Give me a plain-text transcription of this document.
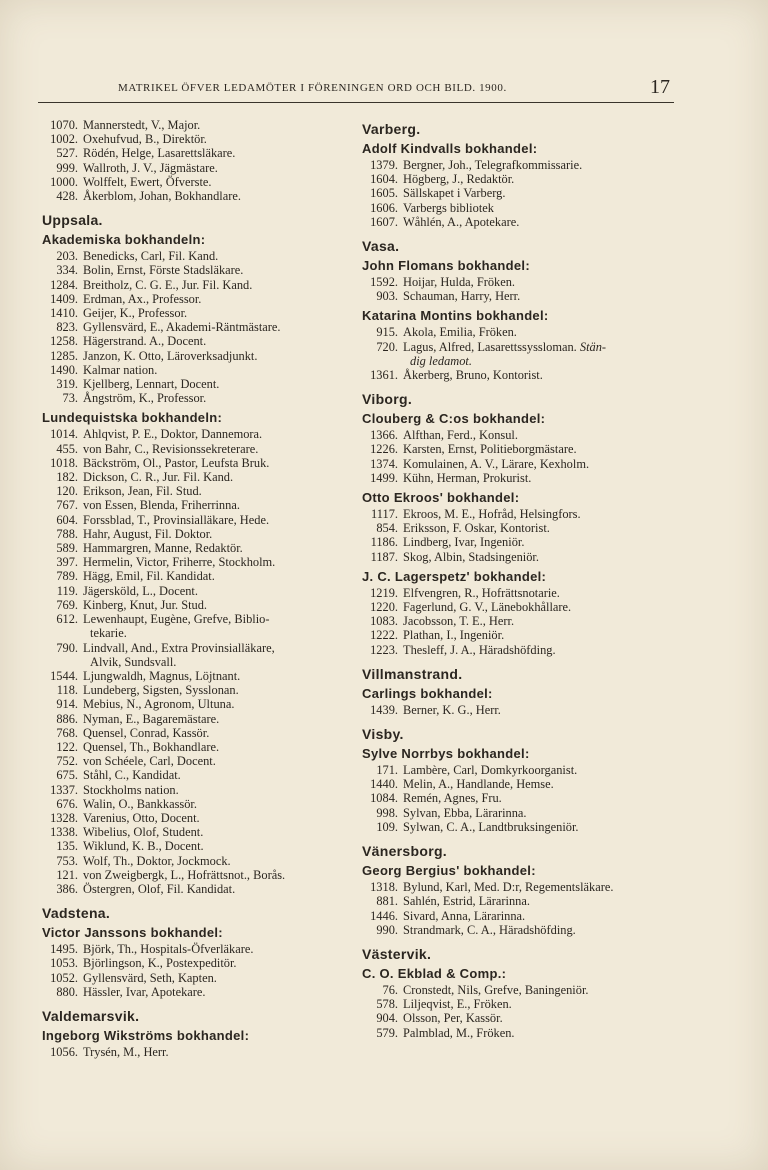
MATRIKEL ÖFVER LEDAMÖTER I FÖRENINGEN ORD OCH BILD. 1900.	17
1070. Mannerstedt, V., Major.
1002. Oxehufvud, B., Direktör.
527. Rödén, Helge, Lasarettsläkare.
999. Wallroth, J. V., Jägmästare.
1000. Wolffelt, Ewert, Öfverste.
428. Åkerblom, Johan, Bokhandlare.
Uppsala.
Akademiska bokhandeln:
203. Benedicks, Carl, Fil. Kand.
334. Bolin, Ernst, Förste Stadsläkare.
1284. Breitholz, C. G. E., Jur. Fil. Kand.
1409. Erdman, Ax., Professor.
1410. Geijer, K., Professor.
823. Gyllensvärd, E., Akademi-Räntmästare.
1258. Hägerstrand. A., Docent.
1285. Janzon, K. Otto, Läroverksadjunkt.
1490. Kalmar nation.
319. Kjellberg, Lennart, Docent.
73. Ångström, K., Professor.
Lundequistska bokhandeln:
1014. Ahlqvist, P. E., Doktor, Dannemora.
455. von Bahr, C., Revisionssekreterare.
1018. Bäckström, Ol., Pastor, Leufsta Bruk.
182. Dickson, C. R., Jur. Fil. Kand.
120. Erikson, Jean, Fil. Stud.
767. von Essen, Blenda, Friherrinna.
604. Forssblad, T., Provinsialläkare, Hede.
788. Hahr, August, Fil. Doktor.
589. Hammargren, Manne, Redaktör.
397. Hermelin, Victor, Friherre, Stockholm.
789. Hägg, Emil, Fil. Kandidat.
119. Jägersköld, L., Docent.
769. Kinberg, Knut, Jur. Stud.
612. Lewenhaupt, Eugène, Grefve, Biblio-
tekarie.
790. Lindvall, And., Extra Provinsialläkare,
Alvik, Sundsvall.
1544. Ljungwaldh, Magnus, Löjtnant.
118. Lundeberg, Sigsten, Sysslonan.
914. Mebius, N., Agronom, Ultuna.
886. Nyman, E., Bagaremästare.
768. Quensel, Conrad, Kassör.
122. Quensel, Th., Bokhandlare.
752. von Schéele, Carl, Docent.
675. Ståhl, C., Kandidat.
1337. Stockholms nation.
676. Walin, O., Bankkassör.
1328. Varenius, Otto, Docent.
1338. Wibelius, Olof, Student.
135. Wiklund, K. B., Docent.
753. Wolf, Th., Doktor, Jockmock.
121. von Zweigbergk, L., Hofrättsnot., Borås.
386. Östergren, Olof, Fil. Kandidat.
Vadstena.
Victor Janssons bokhandel:
1495. Björk, Th., Hospitals-Öfverläkare.
1053. Björlingson, K., Postexpeditör.
1052. Gyllensvärd, Seth, Kapten.
880. Hässler, Ivar, Apotekare.
Valdemarsvik.
Ingeborg Wikströms bokhandel:
1056. Trysén, M., Herr.
Varberg.
Adolf Kindvalls bokhandel:
1379. Bergner, Joh., Telegrafkommissarie.
1604. Högberg, J., Redaktör.
1605. Sällskapet i Varberg.
1606. Varbergs bibliotek
1607. Wåhlén, A., Apotekare.
Vasa.
John Flomans bokhandel:
1592. Hoijar, Hulda, Fröken.
903. Schauman, Harry, Herr.
Katarina Montins bokhandel:
915. Akola, Emilia, Fröken.
720. Lagus, Alfred, Lasarettssyssloman. Stän-
dig ledamot.
1361. Åkerberg, Bruno, Kontorist.
Viborg.
Clouberg & C:os bokhandel:
1366. Alfthan, Ferd., Konsul.
1226. Karsten, Ernst, Politieborgmästare.
1374. Komulainen, A. V., Lärare, Kexholm.
1499. Kühn, Herman, Prokurist.
Otto Ekroos' bokhandel:
1117. Ekroos, M. E., Hofråd, Helsingfors.
854. Eriksson, F. Oskar, Kontorist.
1186. Lindberg, Ivar, Ingeniör.
1187. Skog, Albin, Stadsingeniör.
J. C. Lagerspetz' bokhandel:
1219. Elfvengren, R., Hofrättsnotarie.
1220. Fagerlund, G. V., Länebokhållare.
1083. Jacobsson, T. E., Herr.
1222. Plathan, I., Ingeniör.
1223. Thesleff, J. A., Häradshöfding.
Villmanstrand.
Carlings bokhandel:
1439. Berner, K. G., Herr.
Visby.
Sylve Norrbys bokhandel:
171. Lambère, Carl, Domkyrkoorganist.
1440. Melin, A., Handlande, Hemse.
1084. Remén, Agnes, Fru.
998. Sylvan, Ebba, Lärarinna.
109. Sylwan, C. A., Landtbruksingeniör.
Vänersborg.
Georg Bergius' bokhandel:
1318. Bylund, Karl, Med. D:r, Regementsläkare.
881. Sahlén, Estrid, Lärarinna.
1446. Sivard, Anna, Lärarinna.
990. Strandmark, C. A., Häradshöfding.
Västervik.
C. O. Ekblad & Comp.:
76. Cronstedt, Nils, Grefve, Baningeniör.
578. Liljeqvist, E., Fröken.
904. Olsson, Per, Kassör.
579. Palmblad, M., Fröken.
